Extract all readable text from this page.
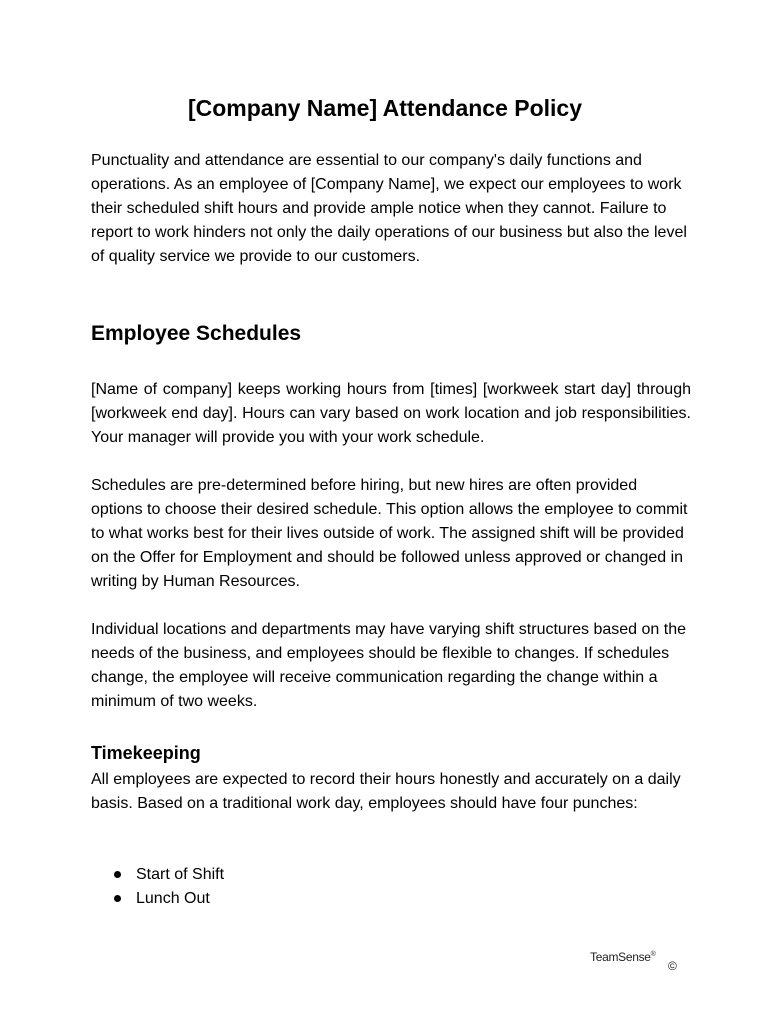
[Company Name] Attendance Policy

Punctuality and attendance are essential to our company's daily functions and operations. As an employee of [Company Name], we expect our employees to work their scheduled shift hours and provide ample notice when they cannot. Failure to report to work hinders not only the daily operations of our business but also the level of quality service we provide to our customers.

Employee Schedules

[Name of company] keeps working hours from [times] [workweek start day] through [workweek end day]. Hours can vary based on work location and job responsibilities. Your manager will provide you with your work schedule.

Schedules are pre-determined before hiring, but new hires are often provided options to choose their desired schedule. This option allows the employee to commit to what works best for their lives outside of work. The assigned shift will be provided on the Offer for Employment and should be followed unless approved or changed in writing by Human Resources.

Individual locations and departments may have varying shift structures based on the needs of the business, and employees should be flexible to changes. If schedules change, the employee will receive communication regarding the change within a minimum of two weeks.

Timekeeping

All employees are expected to record their hours honestly and accurately on a daily basis. Based on a traditional work day, employees should have four punches:

Start of Shift
Lunch Out
TeamSense®
©
